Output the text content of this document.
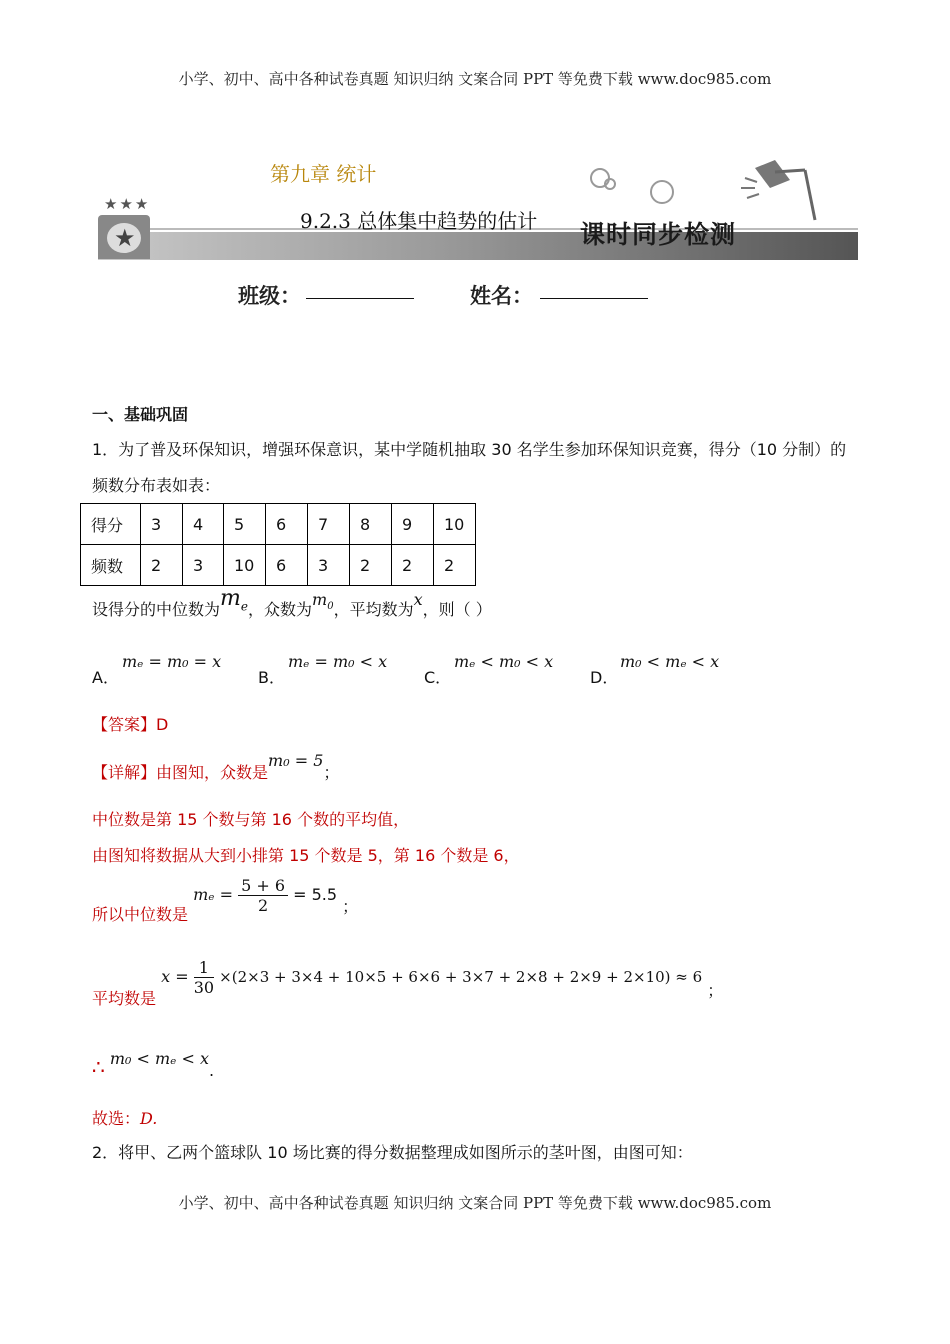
小学、初中、高中各种试卷真题 知识归纳 文案合同 PPT 等免费下载 www.doc985.com
★★★
★
第九章 统计
9.2.3 总体集中趋势的估计 课时同步检测
班级：	姓名：
一、基础巩固
1．为了普及环保知识，增强环保意识，某中学随机抽取 30 名学生参加环保知识竞赛，得分（10 分制）的
频数分布表如表：
得分	3	4	5	6	7	8	9	10
频数	2	3	10	6	3	2	2	2
设得分的中位数为$m_e$，众数为$m_0$，平均数为x，则（ ）
A．
mₑ = m₀ = x
B．
mₑ = m₀ < x
C．
mₑ < m₀ < x
D．
m₀ < mₑ < x
【答案】D
【详解】由图知，众数是m₀ = 5；
中位数是第 15 个数与第 16 个数的平均值，
由图知将数据从大到小排第 15 个数是 5，第 16 个数是 6，
所以中位数是 $m_e = \frac{5 + 6}{2} = 5.5$ ；
平均数是 $x = \frac{1}{30} \times(2\times 3 + 3\times 4 + 10\times 5 + 6\times 6 + 3\times 7 + 2\times 8 + 2\times 9 + 2\times 10) \approx 6$ ；
∴ m₀ < mₑ < x.
故选：D.
2．将甲、乙两个篮球队 10 场比赛的得分数据整理成如图所示的茎叶图，由图可知：
小学、初中、高中各种试卷真题 知识归纳 文案合同 PPT 等免费下载 www.doc985.com
